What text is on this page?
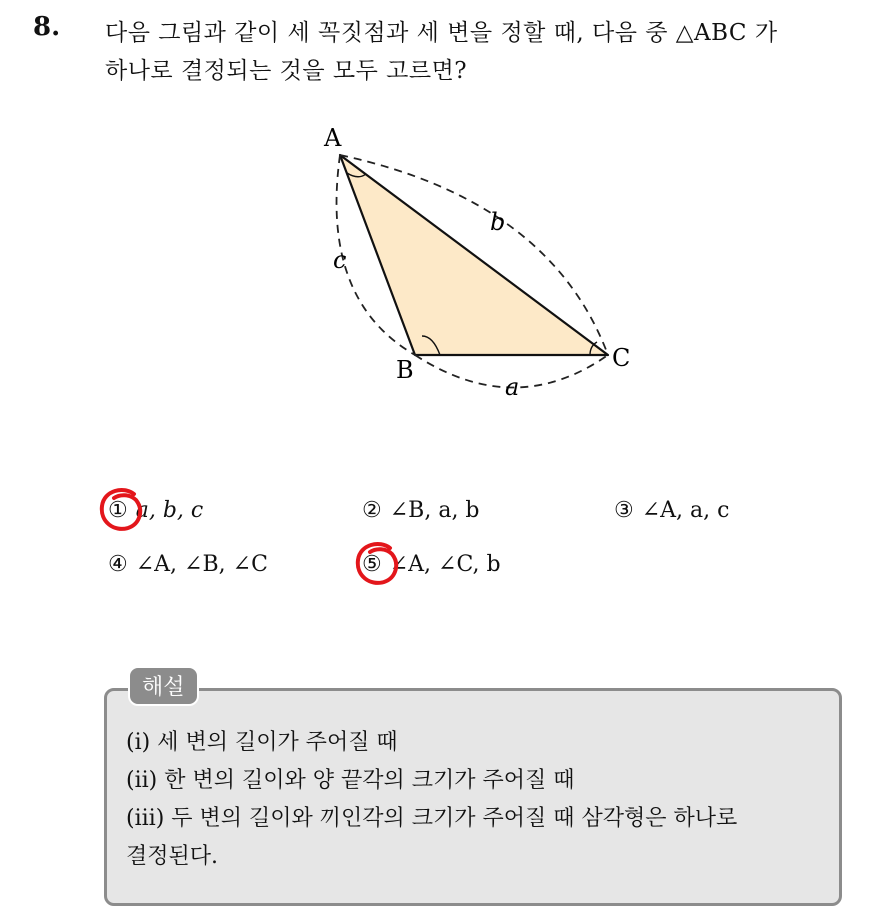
8. 다음 그림과 같이 세 꼭짓점과 세 변을 정할 때, 다음 중 △ABC 가
하나로 결정되는 것을 모두 고르면?
A
B	C
b
c
a
① a, b, c	② ∠B, a, b	③ ∠A, a, c
④ ∠A, ∠B, ∠C	⑤ ∠A, ∠C, b
해설
(ⅰ) 세 변의 길이가 주어질 때
(ⅱ) 한 변의 길이와 양 끝각의 크기가 주어질 때
(ⅲ) 두 변의 길이와 끼인각의 크기가 주어질 때 삼각형은 하나로
결정된다.
